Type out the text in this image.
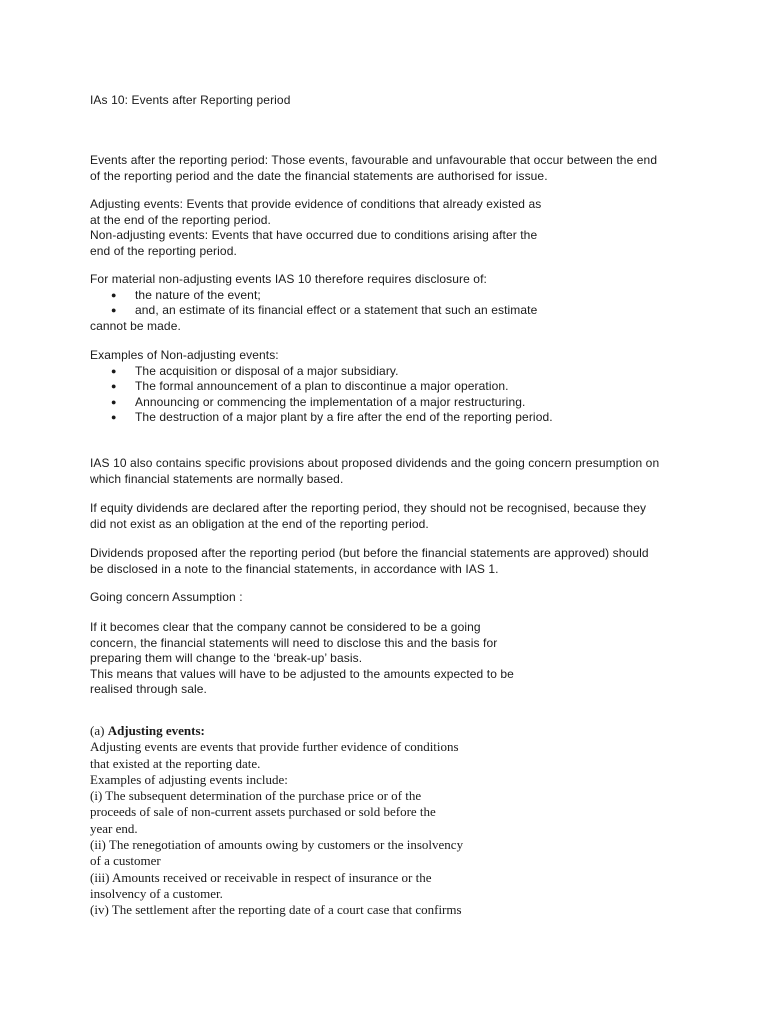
IAs 10: Events after Reporting period
Events after the reporting period: Those events, favourable and unfavourable that occur between the end
of the reporting period and the date the financial statements are authorised for issue.
Adjusting events: Events that provide evidence of conditions that already existed as
at the end of the reporting period.
Non-adjusting events: Events that have occurred due to conditions arising after the
end of the reporting period.
For material non-adjusting events IAS 10 therefore requires disclosure of:
● the nature of the event;
● and, an estimate of its financial effect or a statement that such an estimate
cannot be made.
Examples of Non-adjusting events:
● The acquisition or disposal of a major subsidiary.
● The formal announcement of a plan to discontinue a major operation.
● Announcing or commencing the implementation of a major restructuring.
● The destruction of a major plant by a fire after the end of the reporting period.
IAS 10 also contains specific provisions about proposed dividends and the going concern presumption on
which financial statements are normally based.
If equity dividends are declared after the reporting period, they should not be recognised, because they
did not exist as an obligation at the end of the reporting period.
Dividends proposed after the reporting period (but before the financial statements are approved) should
be disclosed in a note to the financial statements, in accordance with IAS 1.
Going concern Assumption :
If it becomes clear that the company cannot be considered to be a going
concern, the financial statements will need to disclose this and the basis for
preparing them will change to the ‘break-up’ basis.
This means that values will have to be adjusted to the amounts expected to be
realised through sale.
(a) Adjusting events:
Adjusting events are events that provide further evidence of conditions
that existed at the reporting date.
Examples of adjusting events include:
(i) The subsequent determination of the purchase price or of the
proceeds of sale of non-current assets purchased or sold before the
year end.
(ii) The renegotiation of amounts owing by customers or the insolvency
of a customer
(iii) Amounts received or receivable in respect of insurance or the
insolvency of a customer.
(iv) The settlement after the reporting date of a court case that confirms
